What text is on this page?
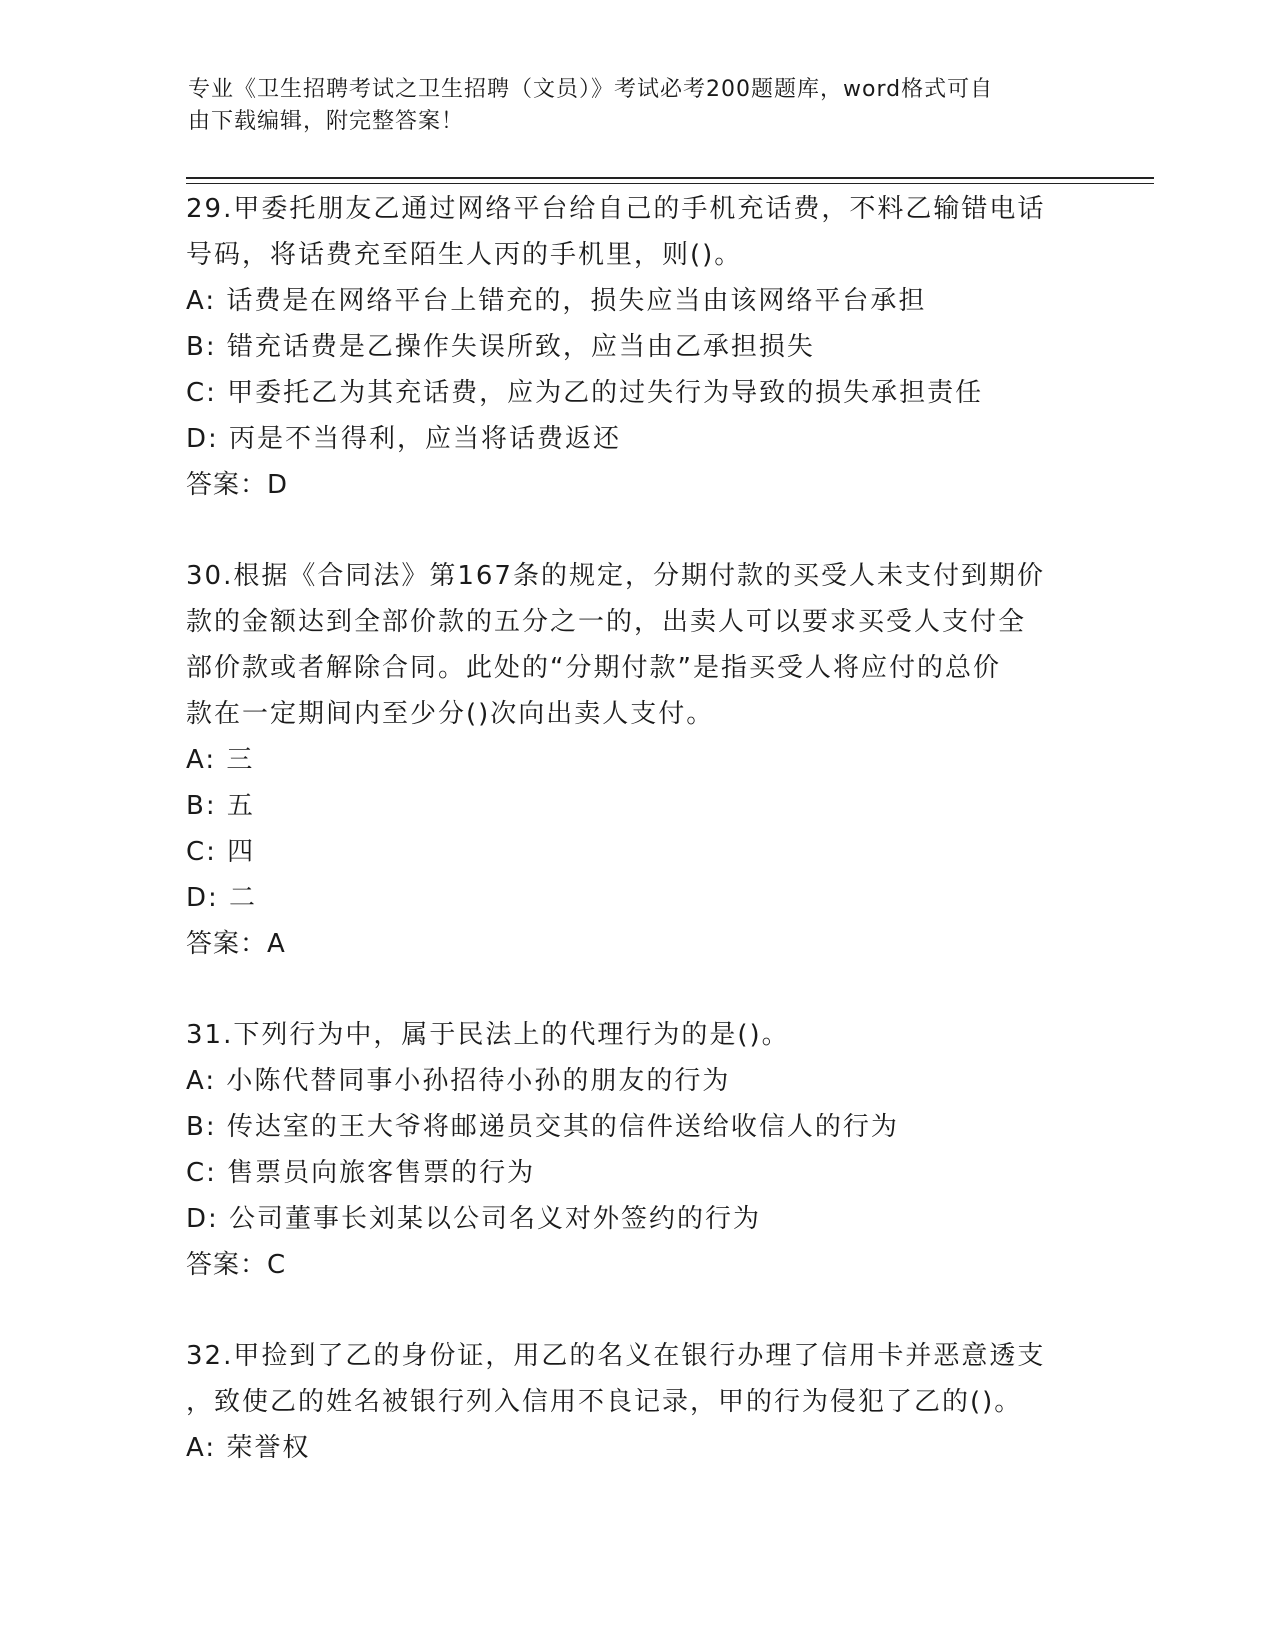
专业《卫生招聘考试之卫生招聘（文员）》考试必考200题题库，word格式可自
由下载编辑，附完整答案！

29.甲委托朋友乙通过网络平台给自己的手机充话费，不料乙输错电话

号码，将话费充至陌生人丙的手机里，则()。

A: 话费是在网络平台上错充的，损失应当由该网络平台承担

B: 错充话费是乙操作失误所致，应当由乙承担损失

C: 甲委托乙为其充话费，应为乙的过失行为导致的损失承担责任

D: 丙是不当得利，应当将话费返还

答案：D

30.根据《合同法》第167条的规定，分期付款的买受人未支付到期价

款的金额达到全部价款的五分之一的，出卖人可以要求买受人支付全

部价款或者解除合同。此处的“分期付款”是指买受人将应付的总价

款在一定期间内至少分()次向出卖人支付。

A: 三

B: 五

C: 四

D: 二

答案：A

31.下列行为中，属于民法上的代理行为的是()。

A: 小陈代替同事小孙招待小孙的朋友的行为

B: 传达室的王大爷将邮递员交其的信件送给收信人的行为

C: 售票员向旅客售票的行为

D: 公司董事长刘某以公司名义对外签约的行为

答案：C

32.甲捡到了乙的身份证，用乙的名义在银行办理了信用卡并恶意透支

，致使乙的姓名被银行列入信用不良记录，甲的行为侵犯了乙的()。

A: 荣誉权
